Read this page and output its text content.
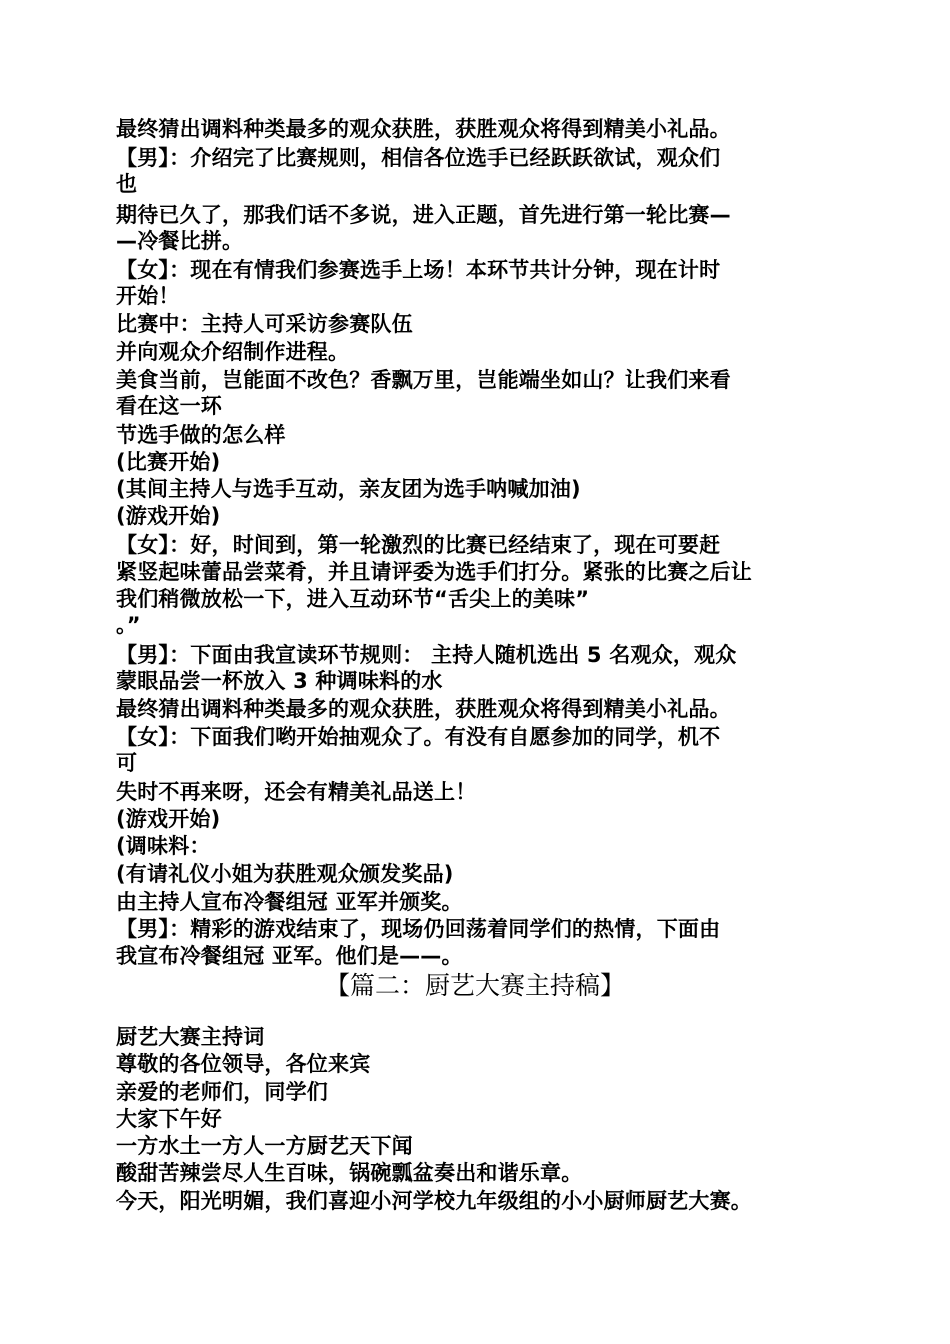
最终猜出调料种类最多的观众获胜，获胜观众将得到精美小礼品。
【男】：介绍完了比赛规则，相信各位选手已经跃跃欲试，观众们
也
期待已久了，那我们话不多说，进入正题，首先进行第一轮比赛—
—冷餐比拼。
【女】：现在有情我们参赛选手上场！本环节共计分钟，现在计时
开始！
比赛中：主持人可采访参赛队伍
并向观众介绍制作进程。
美食当前，岂能面不改色？香飘万里，岂能端坐如山？让我们来看
看在这一环
节选手做的怎么样
(比赛开始)
(其间主持人与选手互动，亲友团为选手呐喊加油)
(游戏开始)
【女】：好，时间到，第一轮激烈的比赛已经结束了，现在可要赶
紧竖起味蕾品尝菜肴，并且请评委为选手们打分。紧张的比赛之后让
我们稍微放松一下，进入互动环节“舌尖上的美味”
。”
【男】：下面由我宣读环节规则： 主持人随机选出 5 名观众，观众
蒙眼品尝一杯放入 3 种调味料的水
最终猜出调料种类最多的观众获胜，获胜观众将得到精美小礼品。
【女】：下面我们哟开始抽观众了。有没有自愿参加的同学，机不
可
失时不再来呀，还会有精美礼品送上！
(游戏开始)
(调味料：
(有请礼仪小姐为获胜观众颁发奖品)
由主持人宣布冷餐组冠 亚军并颁奖。
【男】：精彩的游戏结束了，现场仍回荡着同学们的热情，下面由
我宣布冷餐组冠 亚军。他们是——。
【篇二：厨艺大赛主持稿】
厨艺大赛主持词
尊敬的各位领导，各位来宾
亲爱的老师们，同学们
大家下午好
一方水土一方人一方厨艺天下闻
酸甜苦辣尝尽人生百味，锅碗瓢盆奏出和谐乐章。
今天，阳光明媚，我们喜迎小河学校九年级组的小小厨师厨艺大赛。
